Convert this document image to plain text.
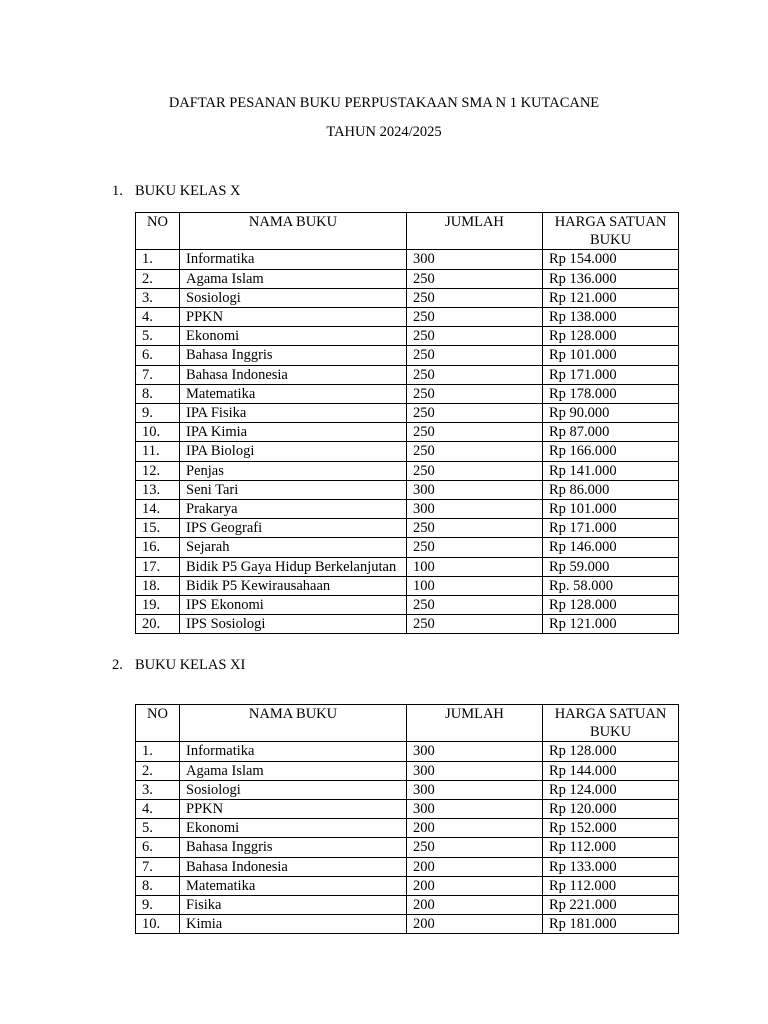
DAFTAR PESANAN BUKU PERPUSTAKAAN SMA N 1 KUTACANE
TAHUN 2024/2025
1. BUKU KELAS X
NO	NAMA BUKU	JUMLAH	HARGA SATUAN BUKU
1.	Informatika	300	Rp 154.000
2.	Agama Islam	250	Rp 136.000
3.	Sosiologi	250	Rp 121.000
4.	PPKN	250	Rp 138.000
5.	Ekonomi	250	Rp 128.000
6.	Bahasa Inggris	250	Rp 101.000
7.	Bahasa Indonesia	250	Rp 171.000
8.	Matematika	250	Rp 178.000
9.	IPA Fisika	250	Rp 90.000
10.	IPA Kimia	250	Rp 87.000
11.	IPA Biologi	250	Rp 166.000
12.	Penjas	250	Rp 141.000
13.	Seni Tari	300	Rp 86.000
14.	Prakarya	300	Rp 101.000
15.	IPS Geografi	250	Rp 171.000
16.	Sejarah	250	Rp 146.000
17.	Bidik P5 Gaya Hidup Berkelanjutan	100	Rp 59.000
18.	Bidik P5 Kewirausahaan	100	Rp. 58.000
19.	IPS Ekonomi	250	Rp 128.000
20.	IPS Sosiologi	250	Rp 121.000
2. BUKU KELAS XI
NO	NAMA BUKU	JUMLAH	HARGA SATUAN BUKU
1.	Informatika	300	Rp 128.000
2.	Agama Islam	300	Rp 144.000
3.	Sosiologi	300	Rp 124.000
4.	PPKN	300	Rp 120.000
5.	Ekonomi	200	Rp 152.000
6.	Bahasa Inggris	250	Rp 112.000
7.	Bahasa Indonesia	200	Rp 133.000
8.	Matematika	200	Rp 112.000
9.	Fisika	200	Rp 221.000
10.	Kimia	200	Rp 181.000
